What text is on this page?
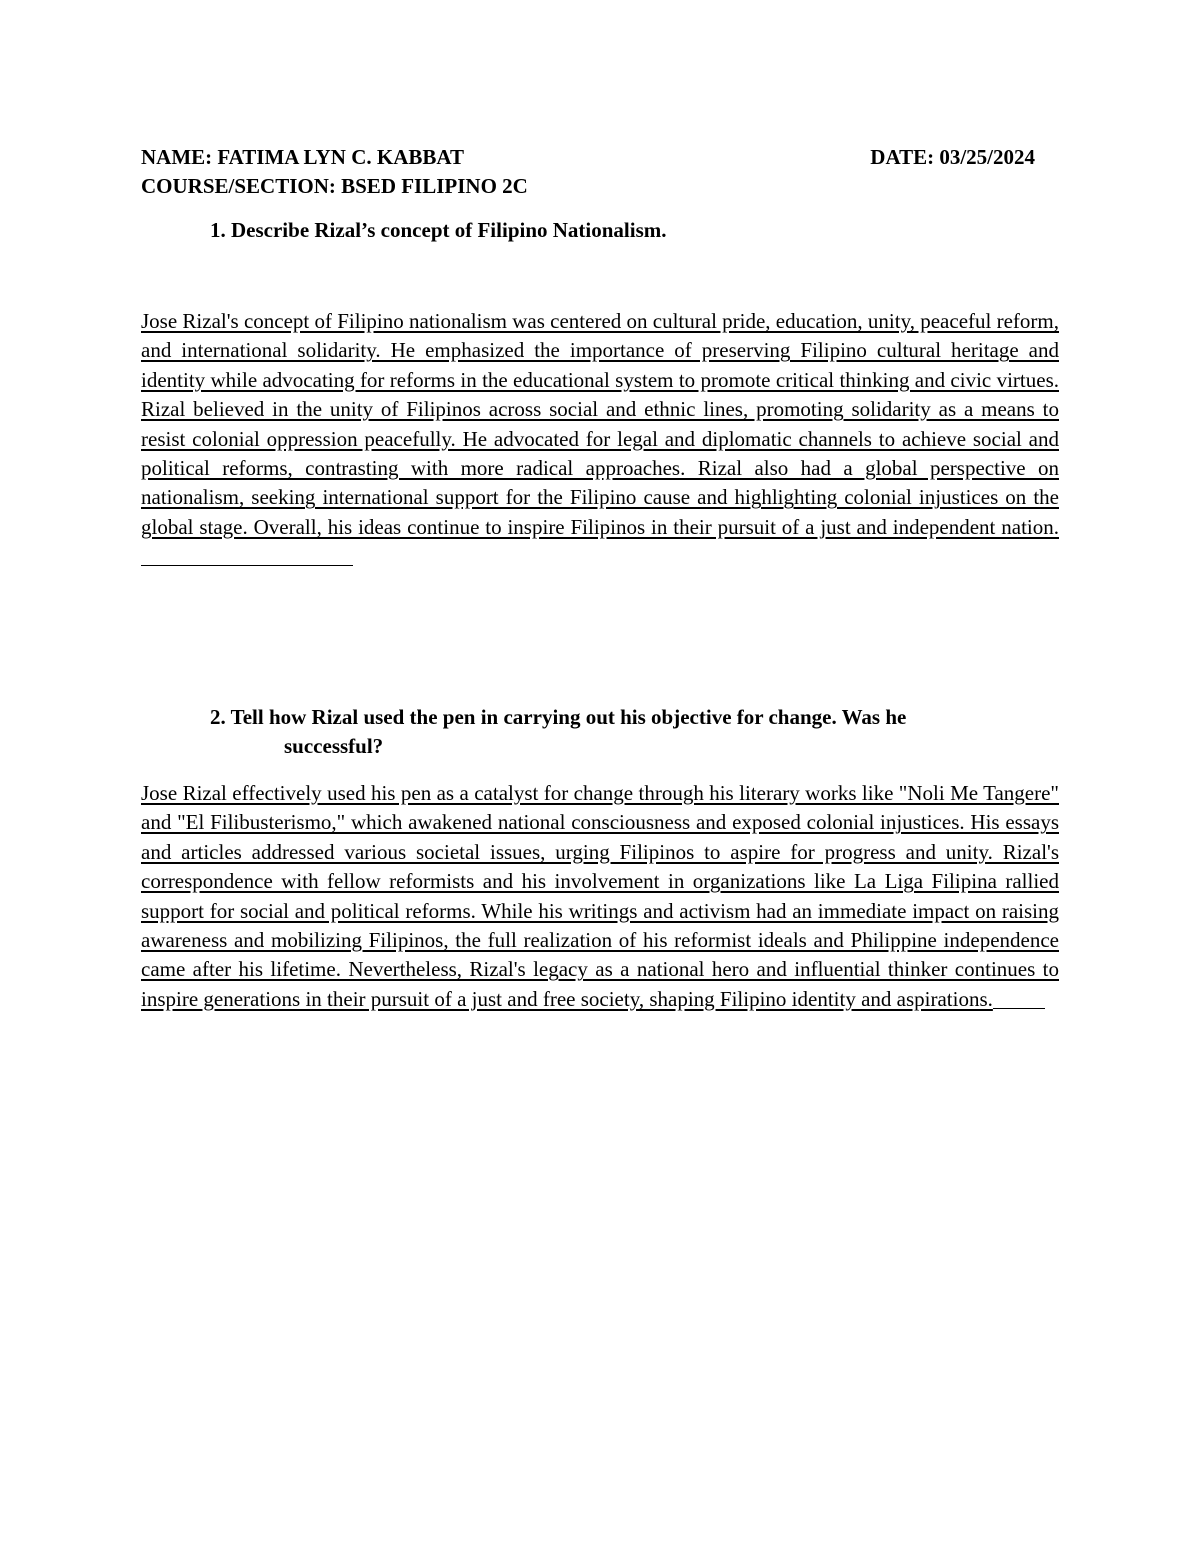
NAME: FATIMA LYN C. KABBAT	DATE: 03/25/2024
COURSE/SECTION: BSED FILIPINO 2C
1. Describe Rizal’s concept of Filipino Nationalism.
Jose Rizal's concept of Filipino nationalism was centered on cultural pride, education, unity, peaceful reform, and international solidarity. He emphasized the importance of preserving Filipino cultural heritage and identity while advocating for reforms in the educational system to promote critical thinking and civic virtues. Rizal believed in the unity of Filipinos across social and ethnic lines, promoting solidarity as a means to resist colonial oppression peacefully. He advocated for legal and diplomatic channels to achieve social and political reforms, contrasting with more radical approaches. Rizal also had a global perspective on nationalism, seeking international support for the Filipino cause and highlighting colonial injustices on the global stage. Overall, his ideas continue to inspire Filipinos in their pursuit of a just and independent nation.
2. Tell how Rizal used the pen in carrying out his objective for change. Was he
successful?
Jose Rizal effectively used his pen as a catalyst for change through his literary works like "Noli Me Tangere" and "El Filibusterismo," which awakened national consciousness and exposed colonial injustices. His essays and articles addressed various societal issues, urging Filipinos to aspire for progress and unity. Rizal's correspondence with fellow reformists and his involvement in organizations like La Liga Filipina rallied support for social and political reforms. While his writings and activism had an immediate impact on raising awareness and mobilizing Filipinos, the full realization of his reformist ideals and Philippine independence came after his lifetime. Nevertheless, Rizal's legacy as a national hero and influential thinker continues to inspire generations in their pursuit of a just and free society, shaping Filipino identity and aspirations.
